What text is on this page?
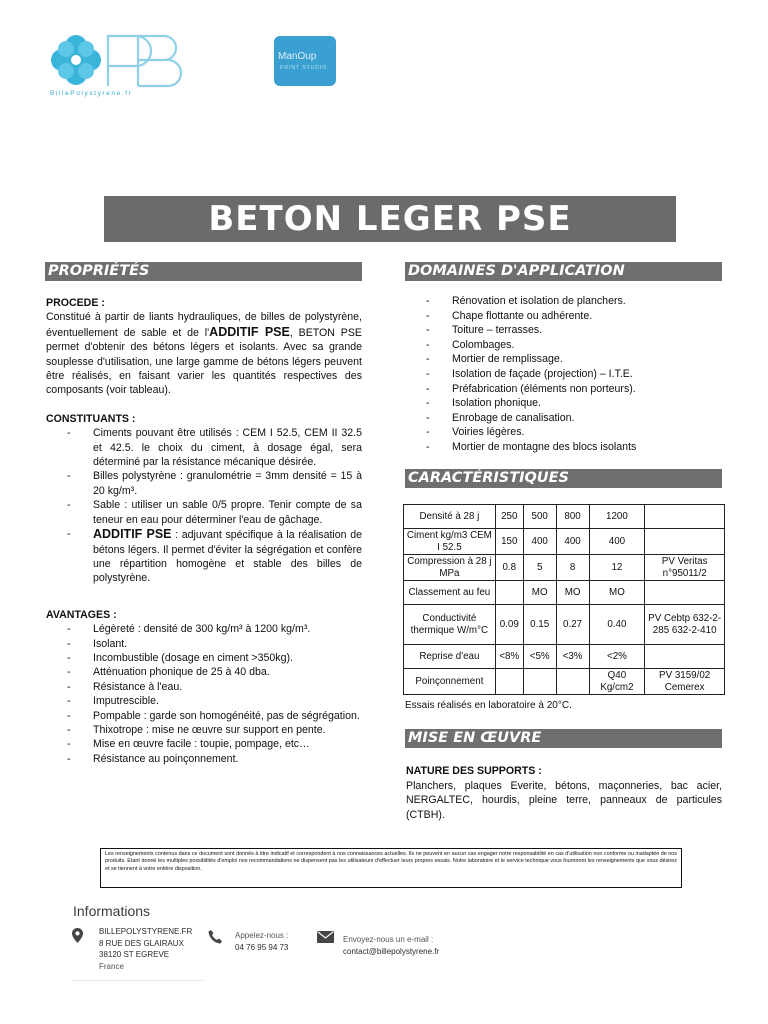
BillePolystyrene.fr
ManOup
PRINT STUDIO
BETON LEGER PSE
PROPRIÉTÉS	DOMAINES D'APPLICATION
CARACTÉRISTIQUES
MISE EN ŒUVRE
PROCEDE :
Constitué à partir de liants hydrauliques, de billes de polystyrène, éventuellement de sable et de l'ADDITIF PSE, BETON PSE permet d'obtenir des bétons légers et isolants. Avec sa grande souplesse d'utilisation, une large gamme de bétons légers peuvent être réalisés, en faisant varier les quantités respectives des composants (voir tableau).
CONSTITUANTS :
- Ciments pouvant être utilisés : CEM I 52.5, CEM II 32.5 et 42.5. le choix du ciment, à dosage égal, sera déterminé par la résistance mécanique désirée.
- Billes polystyrène : granulométrie = 3mm densité = 15 à 20 kg/m³.
- Sable : utiliser un sable 0/5 propre. Tenir compte de sa teneur en eau pour déterminer l'eau de gâchage.
- ADDITIF PSE : adjuvant spécifique à la réalisation de bétons légers. Il permet d'éviter la ségrégation et confère une répartition homogène et stable des billes de polystyrène.
AVANTAGES :
- Légèreté : densité de 300 kg/m³ à 1200 kg/m³.
- Isolant.
- Incombustible (dosage en ciment >350kg).
- Atténuation phonique de 25 à 40 dba.
- Résistance à l'eau.
- Imputrescible.
- Pompable : garde son homogénéité, pas de ségrégation.
- Thixotrope : mise ne œuvre sur support en pente.
- Mise en œuvre facile : toupie, pompage, etc…
- Résistance au poinçonnement.
- Rénovation et isolation de planchers.
- Chape flottante ou adhérente.
- Toiture – terrasses.
- Colombages.
- Mortier de remplissage.
- Isolation de façade (projection) – I.T.E.
- Préfabrication (éléments non porteurs).
- Isolation phonique.
- Enrobage de canalisation.
- Voiries légères.
- Mortier de montagne des blocs isolants
Densité à 28 j	250	500	800	1200	
Ciment kg/m3 CEM I 52.5	150	400	400	400	
Compression à 28 j MPa	0.8	5	8	12	PV Veritas n°95011/2
Classement au feu		MO	MO	MO	
Conductivité thermique W/m°C	0.09	0.15	0.27	0.40	PV Cebtp 632-2-285 632-2-410
Reprise d'eau	<8%	<5%	<3%	<2%	
Poinçonnement				Q40 Kg/cm2	PV 3159/02 Cemerex
Essais réalisés en laboratoire à 20°C.
NATURE DES SUPPORTS :
Planchers, plaques Everite, bétons, maçonneries, bac acier, NERGALTEC, hourdis, pleine terre, panneaux de particules (CTBH).
Les renseignements contenus dans ce document sont donnés à titre indicatif et correspondent à nos connaissances actuelles. Ils ne peuvent en aucun cas engager notre responsabilité en cas d'utilisation non conforme ou inadaptée de nos produits. Étant donné les multiples possibilités d'emploi nos recommandations ne dispensent pas les utilisateurs d'effectuer leurs propres essais. Notre laboratoire et le service technique vous fourniront les renseignements que vous désirez et se tiennent à votre entière disposition.
Informations
BILLEPOLYSTYRENE.FR
8 RUE DES GLAIRAUX
38120 ST EGREVE
France
Appelez-nous :
04 76 95 94 73
Envoyez-nous un e-mail :
contact@billepolystyrene.fr
